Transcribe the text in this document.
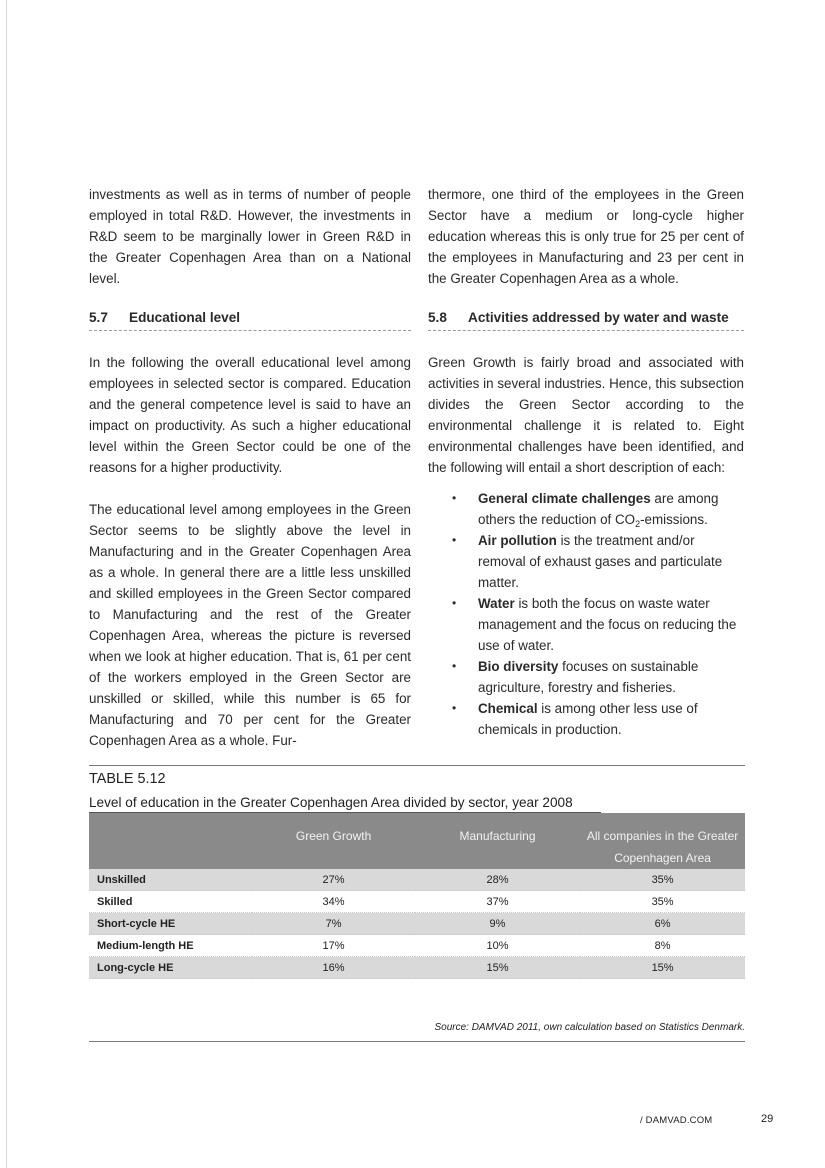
investments as well as in terms of number of people employed in total R&D. However, the investments in R&D seem to be marginally lower in Green R&D in the Greater Copenhagen Area than on a National level.

5.7 Educational level

In the following the overall educational level among employees in selected sector is compared. Education and the general competence level is said to have an impact on productivity. As such a higher educational level within the Green Sector could be one of the reasons for a higher productivity.

The educational level among employees in the Green Sector seems to be slightly above the level in Manufacturing and in the Greater Copenhagen Area as a whole. In general there are a little less unskilled and skilled employees in the Green Sector compared to Manufacturing and the rest of the Greater Copenhagen Area, whereas the picture is reversed when we look at higher education. That is, 61 per cent of the workers employed in the Green Sector are unskilled or skilled, while this number is 65 for Manufacturing and 70 per cent for the Greater Copenhagen Area as a whole. Fur-

thermore, one third of the employees in the Green Sector have a medium or long-cycle higher education whereas this is only true for 25 per cent of the employees in Manufacturing and 23 per cent in the Greater Copenhagen Area as a whole.

5.8 Activities addressed by water and waste

Green Growth is fairly broad and associated with activities in several industries. Hence, this subsection divides the Green Sector according to the environmental challenge it is related to. Eight environmental challenges have been identified, and the following will entail a short description of each:

• General climate challenges are among others the reduction of $CO_2$-emissions.
• Air pollution is the treatment and/or removal of exhaust gases and particulate matter.
• Water is both the focus on waste water management and the focus on reducing the use of water.
• Bio diversity focuses on sustainable agriculture, forestry and fisheries.
• Chemical is among other less use of chemicals in production.
TABLE 5.12
Level of education in the Greater Copenhagen Area divided by sector, year 2008

	Green Growth	Manufacturing	All companies in the Greater Copenhagen Area

Unskilled	27%	28%	35%
Skilled	34%	37%	35%
Short-cycle HE	7%	9%	6%
Medium-length HE	17%	10%	8%
Long-cycle HE	16%	15%	15%
Source: DAMVAD 2011, own calculation based on Statistics Denmark.
/ DAMVAD.COM	29
